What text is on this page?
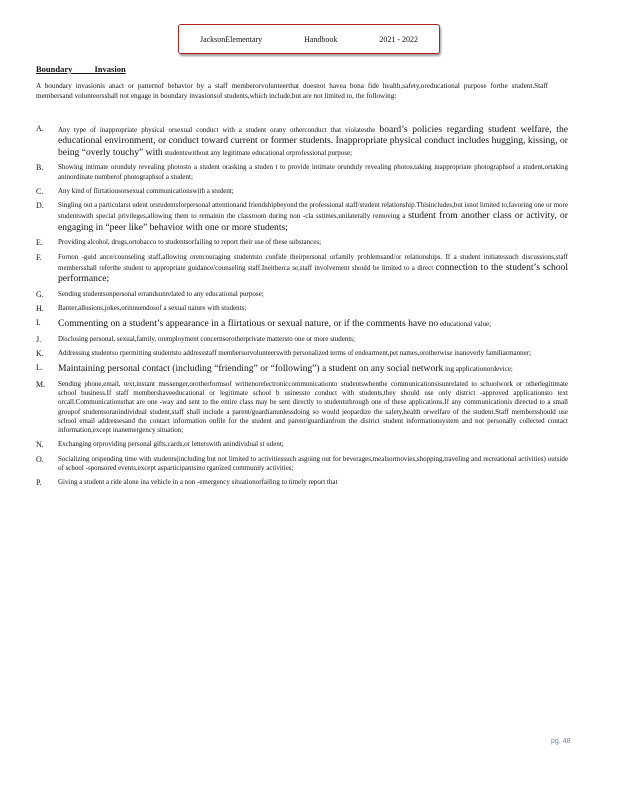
JacksonElementary	Handbook	2021 - 2022
Boundary Invasion
A boundary invasionis anact or patternof behavior by a staff memberorvolunteerthat doesnot havea bona fide health,safety,oreducational purpose forthe student.Staff membersand volunteersshall not engage in boundary invasionsof students,which include,but are not limited to, the following:
A.	Any type of inappropriate physical orsexual conduct with a student orany otherconduct that violatesthe board’s policies regarding student welfare, the educational environment, or conduct toward current or former students. Inappropriate physical conduct includes hugging, kissing, or being “overly touchy” with studentswithout any legitimate educational orprofessional purpose;
B.	Showing intimate orunduly revealing photosto a student orasking a studen t to provide intimate orunduly revealing photos,taking inappropriate photographsof a student,ortaking aninordinate numberof photographsof a student;
C.	Any kind of flirtatiousorsexual communicationswith a student;
D.	Singling out a particularst udent orstudentsforpersonal attentionand friendshipbeyond the professional staff/student relationship.Thisincludes,but isnot limited to,favoring one or more studentswith special privileges,allowing them to remainin the classroom during non -cla sstimes,unilaterally removing a student from another class or activity, or engaging in “peer like” behavior with one or more students;
E.	Providing alcohol, drugs,ortobacco to studentsorfailing to report their use of these substances;
F.	Fornon -guid ance/counseling staff,allowing orencouraging studentsto confide theirpersonal orfamily problemsand/or relationships. If a student initiatessuch discussions,staff membersshall referthe student to appropriate guidance/counseling staff.Ineitherca se,staff involvement should be limited to a direct connection to the student’s school performance;
G.	Sending studentsonpersonal errandsunrelated to any educational purpose;
H.	Banter,allusions,jokes,orinnuendosof a sexual nature with students;
I.	Commenting on a student’s appearance in a flirtatious or sexual nature, or if the comments have no educational value;
J.	Disclosing personal, sexual,family, oremployment concernsorotherprivate mattersto one or more students;
K.	Addressing studentso rpermitting studentsto addressstaff membersorvolunteerswith personalized terms of endearment,pet names,orotherwise inanoverly familiarmanner;
L.	Maintaining personal contact (including “friending” or “following”) a student on any social network ing applicationordevice;
M.	Sending phone,email, text,instant messenger,orotherformsof writtenorelectroniccommunicationto studentswhenthe communicationsisunrelated to schoolwork or otherlegitimate school business.If staff membershaveeducational or legitimate school b usinessto conduct with students,they should use only district -approved applicationsto text orcall.Communicationsthat are one -way and sent to the entire class may be sent directly to studentsthrough one of these applications.If any communicationis directed to a small groupof studentsoranindividual student,staff shall include a parent/guardianunlessdoing so would jeopardize the safety,health orwelfare of the student.Staff membersshould use school email addressesand the contact information onfile for the student and parent/guardianfrom the district student informationsystem and not personally collected contact information,except inanemergency situation;
N.	Exchanging orproviding personal gifts,cards,or letterswith anindividual st udent;
O.	Socializing orspending time with students(including but not limited to activitiessuch asgoing out for beverages,mealsormovies,shopping,traveling and recreational activities) outside of school -sponsored events,except asparticipantsino rganized community activities;
P.	Giving a student a ride alone ina vehicle in a non -emergency situationorfailing to timely report that
pg. 48
